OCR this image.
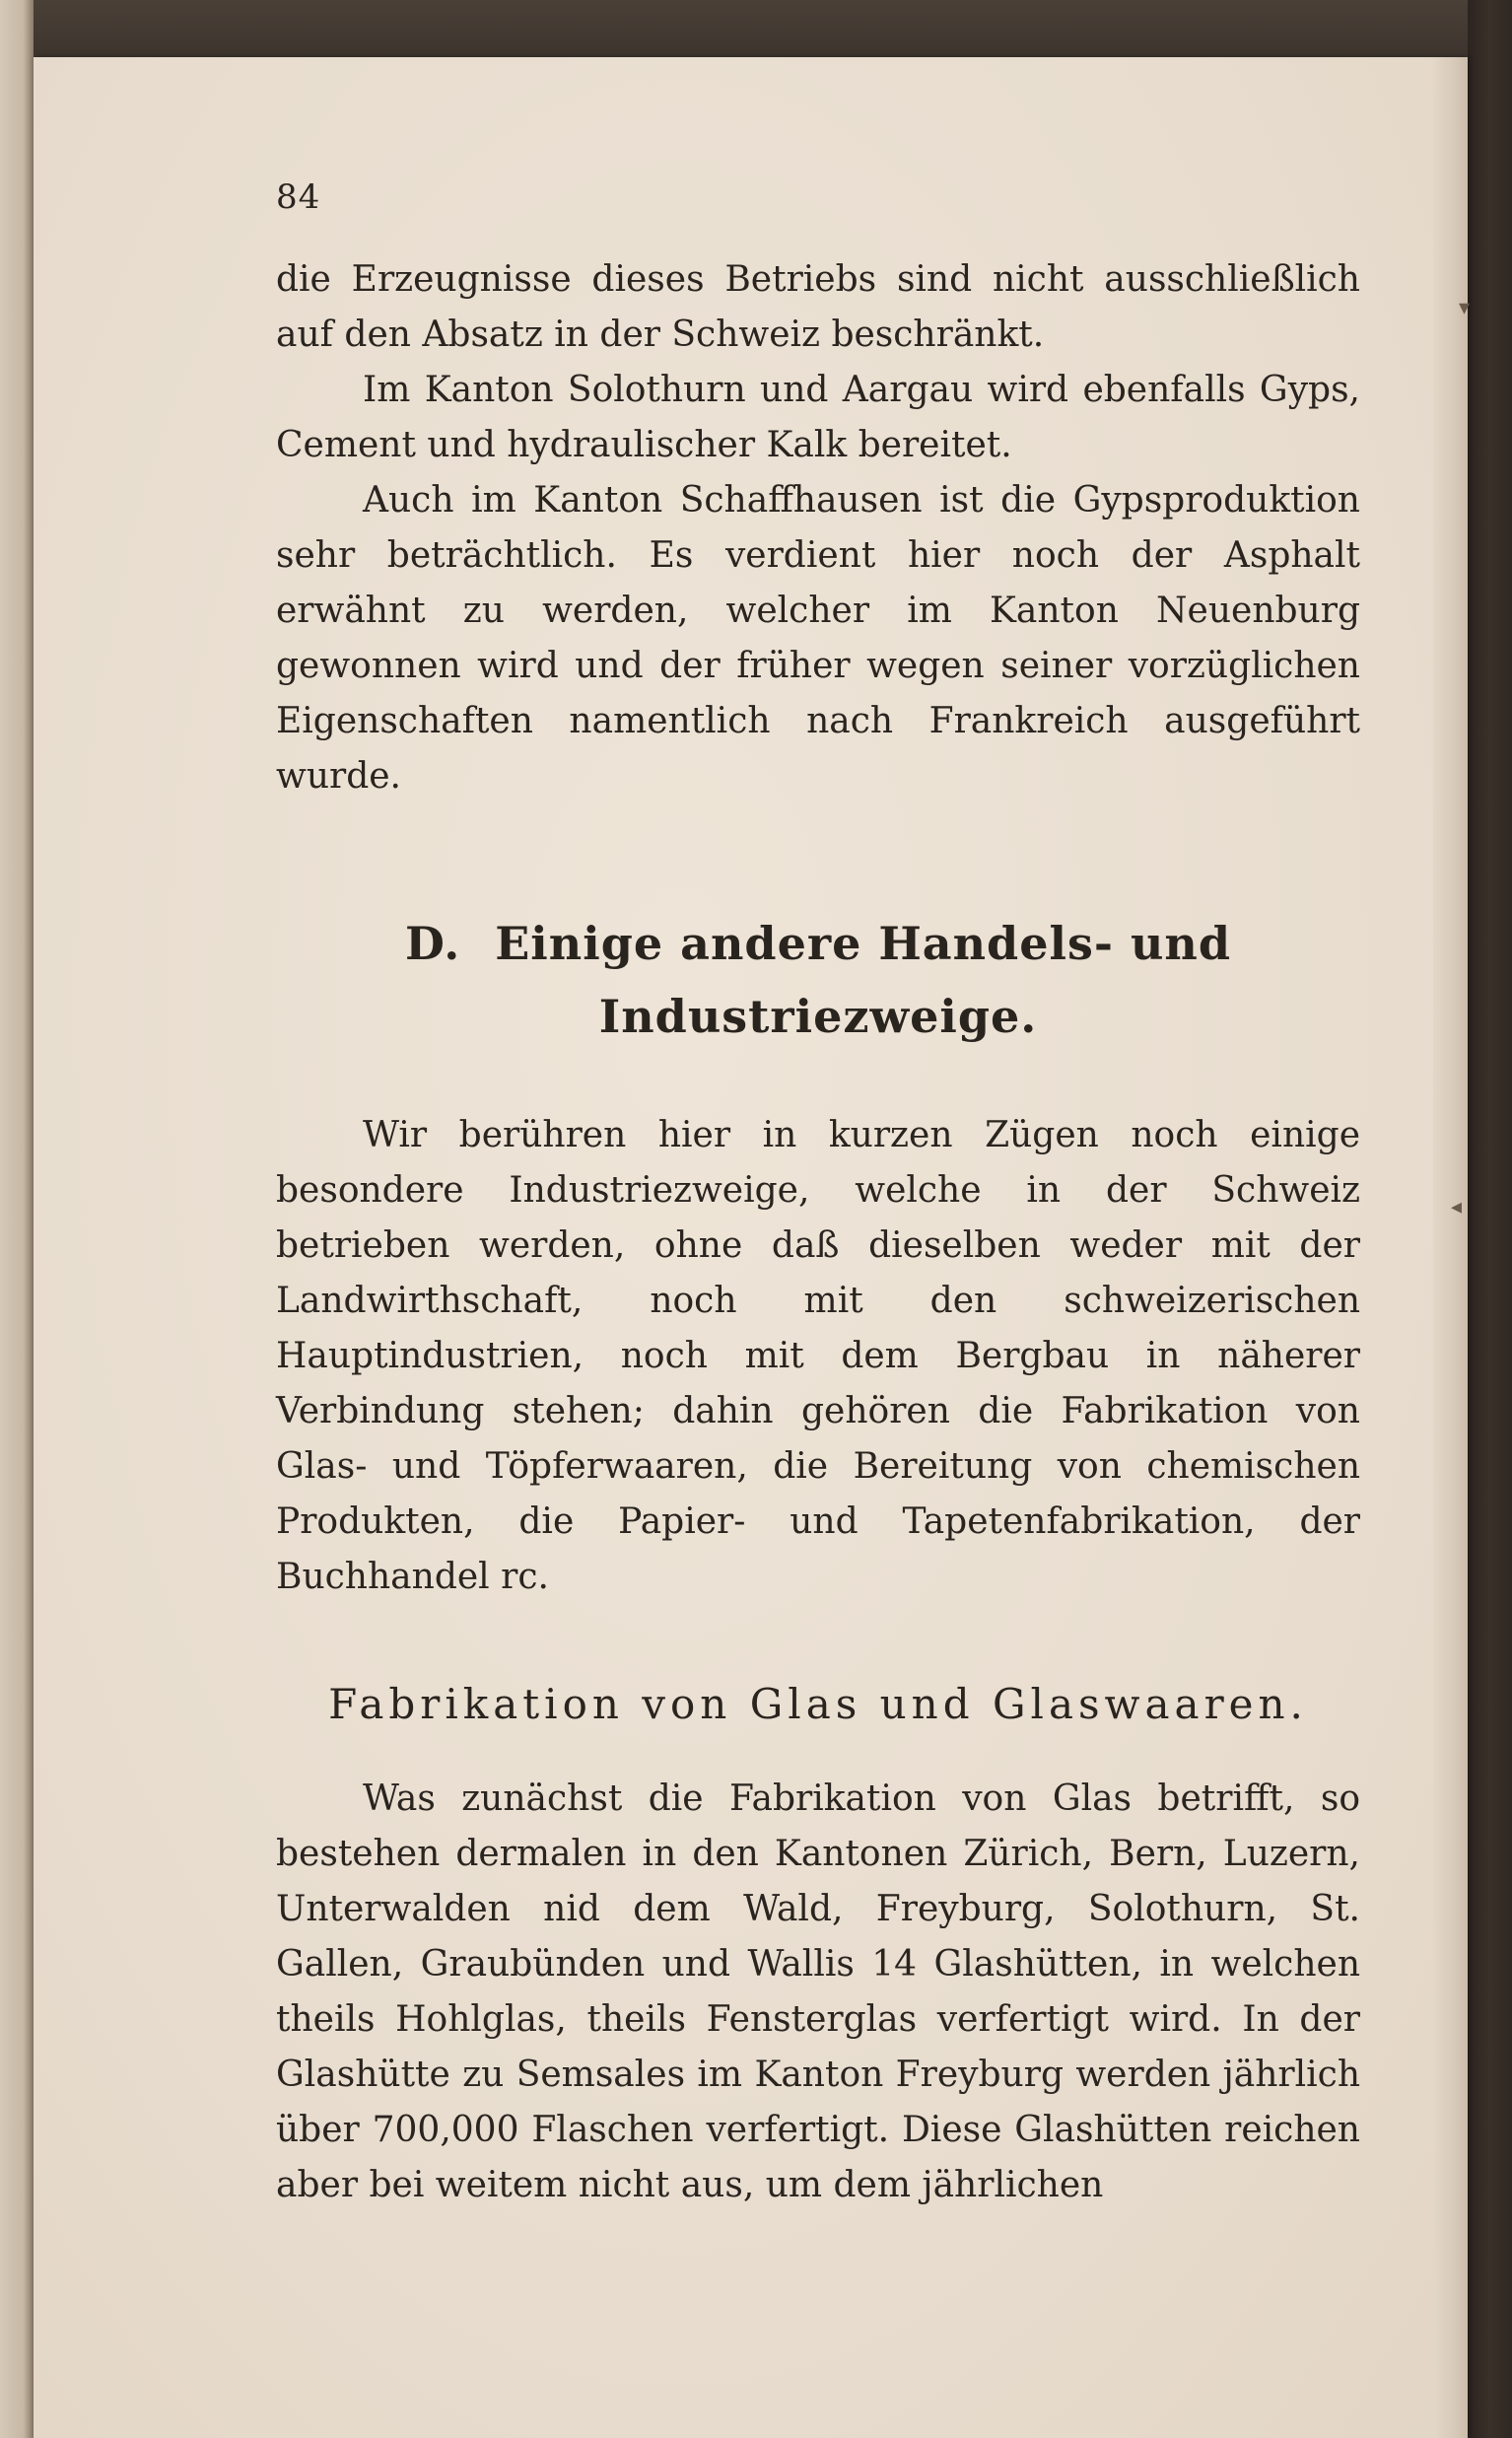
84

die Erzeugnisse dieses Betriebs sind nicht ausschließlich auf den Absatz in der Schweiz beschränkt.

Im Kanton Solothurn und Aargau wird ebenfalls Gyps, Cement und hydraulischer Kalk bereitet.

Auch im Kanton Schaffhausen ist die Gypsproduktion sehr beträchtlich. Es verdient hier noch der Asphalt erwähnt zu werden, welcher im Kanton Neuenburg gewonnen wird und der früher wegen seiner vorzüglichen Eigenschaften namentlich nach Frankreich ausgeführt wurde.

D. Einige andere Handels- und Industriezweige.

Wir berühren hier in kurzen Zügen noch einige besondere Industriezweige, welche in der Schweiz betrieben werden, ohne daß dieselben weder mit der Landwirthschaft, noch mit den schweizerischen Hauptindustrien, noch mit dem Bergbau in näherer Verbindung stehen; dahin gehören die Fabrikation von Glas- und Töpferwaaren, die Bereitung von chemischen Produkten, die Papier- und Tapetenfabrikation, der Buchhandel rc.

Fabrikation von Glas und Glaswaaren.

Was zunächst die Fabrikation von Glas betrifft, so bestehen dermalen in den Kantonen Zürich, Bern, Luzern, Unterwalden nid dem Wald, Freyburg, Solothurn, St. Gallen, Graubünden und Wallis 14 Glashütten, in welchen theils Hohlglas, theils Fensterglas verfertigt wird. In der Glashütte zu Semsales im Kanton Freyburg werden jährlich über 700,000 Flaschen verfertigt. Diese Glashütten reichen aber bei weitem nicht aus, um dem jährlichen

▾
◂
